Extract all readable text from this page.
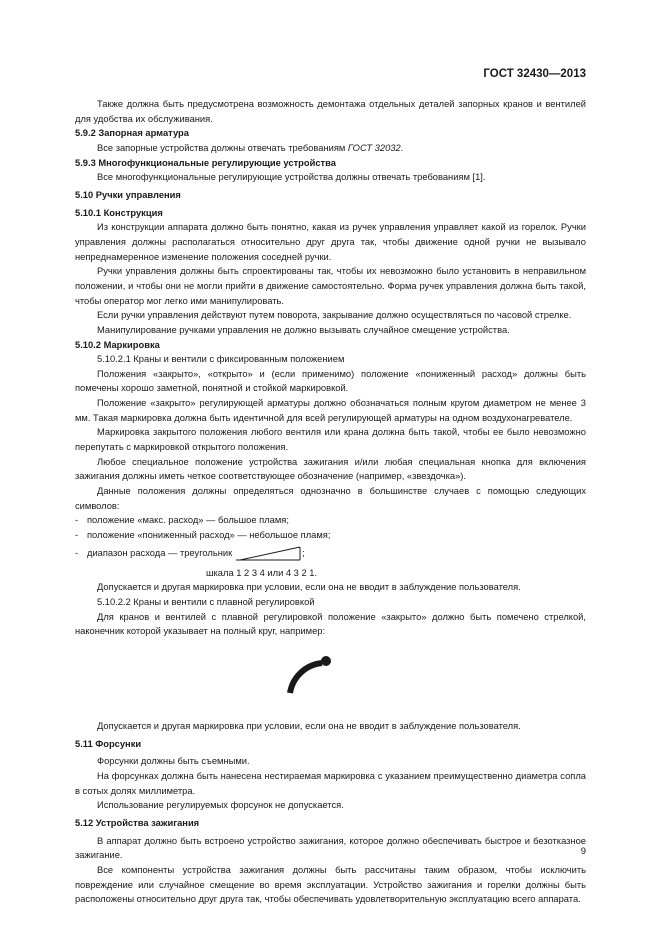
ГОСТ 32430—2013

Также должна быть предусмотрена возможность демонтажа отдельных деталей запорных кранов и вентилей для удобства их обслуживания.

5.9.2 Запорная арматура

Все запорные устройства должны отвечать требованиям ГОСТ 32032.

5.9.3 Многофункциональные регулирующие устройства

Все многофункциональные регулирующие устройства должны отвечать требованиям [1].

5.10 Ручки управления

5.10.1 Конструкция

Из конструкции аппарата должно быть понятно, какая из ручек управления управляет какой из горелок. Ручки управления должны располагаться относительно друг друга так, чтобы движение одной ручки не вызывало непреднамеренное изменение положения соседней ручки.

Ручки управления должны быть спроектированы так, чтобы их невозможно было установить в неправильном положении, и чтобы они не могли прийти в движение самостоятельно. Форма ручек управления должна быть такой, чтобы оператор мог легко ими манипулировать.

Если ручки управления действуют путем поворота, закрывание должно осуществляться по часовой стрелке.

Манипулирование ручками управления не должно вызывать случайное смещение устройства.

5.10.2 Маркировка

5.10.2.1 Краны и вентили с фиксированным положением

Положения «закрыто», «открыто» и (если применимо) положение «пониженный расход» должны быть помечены хорошо заметной, понятной и стойкой маркировкой.

Положение «закрыто» регулирующей арматуры должно обозначаться полным кругом диаметром не менее 3 мм. Такая маркировка должна быть идентичной для всей регулирующей арматуры на одном воздухонагревателе.

Маркировка закрытого положения любого вентиля или крана должна быть такой, чтобы ее было невозможно перепутать с маркировкой открытого положения.

Любое специальное положение устройства зажигания и/или любая специальная кнопка для включения зажигания должны иметь четкое соответствующее обозначение (например, «звездочка»).

Данные положения должны определяться однозначно в большинстве случаев с помощью следующих символов:

- положение «макс. расход» — большое пламя;

- положение «пониженный расход» — небольшое пламя;

- диапазон расхода — треугольник	;

шкала 1 2 3 4 или 4 3 2 1.

Допускается и другая маркировка при условии, если она не вводит в заблуждение пользователя.

5.10.2.2 Краны и вентили с плавной регулировкой

Для кранов и вентилей с плавной регулировкой положение «закрыто» должно быть помечено стрелкой, наконечник которой указывает на полный круг, например:

Допускается и другая маркировка при условии, если она не вводит в заблуждение пользователя.

5.11 Форсунки

Форсунки должны быть съемными.

На форсунках должна быть нанесена нестираемая маркировка с указанием преимущественно диаметра сопла в сотых долях миллиметра.

Использование регулируемых форсунок не допускается.

5.12 Устройства зажигания

В аппарат должно быть встроено устройство зажигания, которое должно обеспечивать быстрое и безотказное зажигание.

Все компоненты устройства зажигания должны быть рассчитаны таким образом, чтобы исключить повреждение или случайное смещение во время эксплуатации. Устройство зажигания и горелки должны быть расположены относительно друг друга так, чтобы обеспечивать удовлетворительную эксплуатацию всего аппарата.

9
